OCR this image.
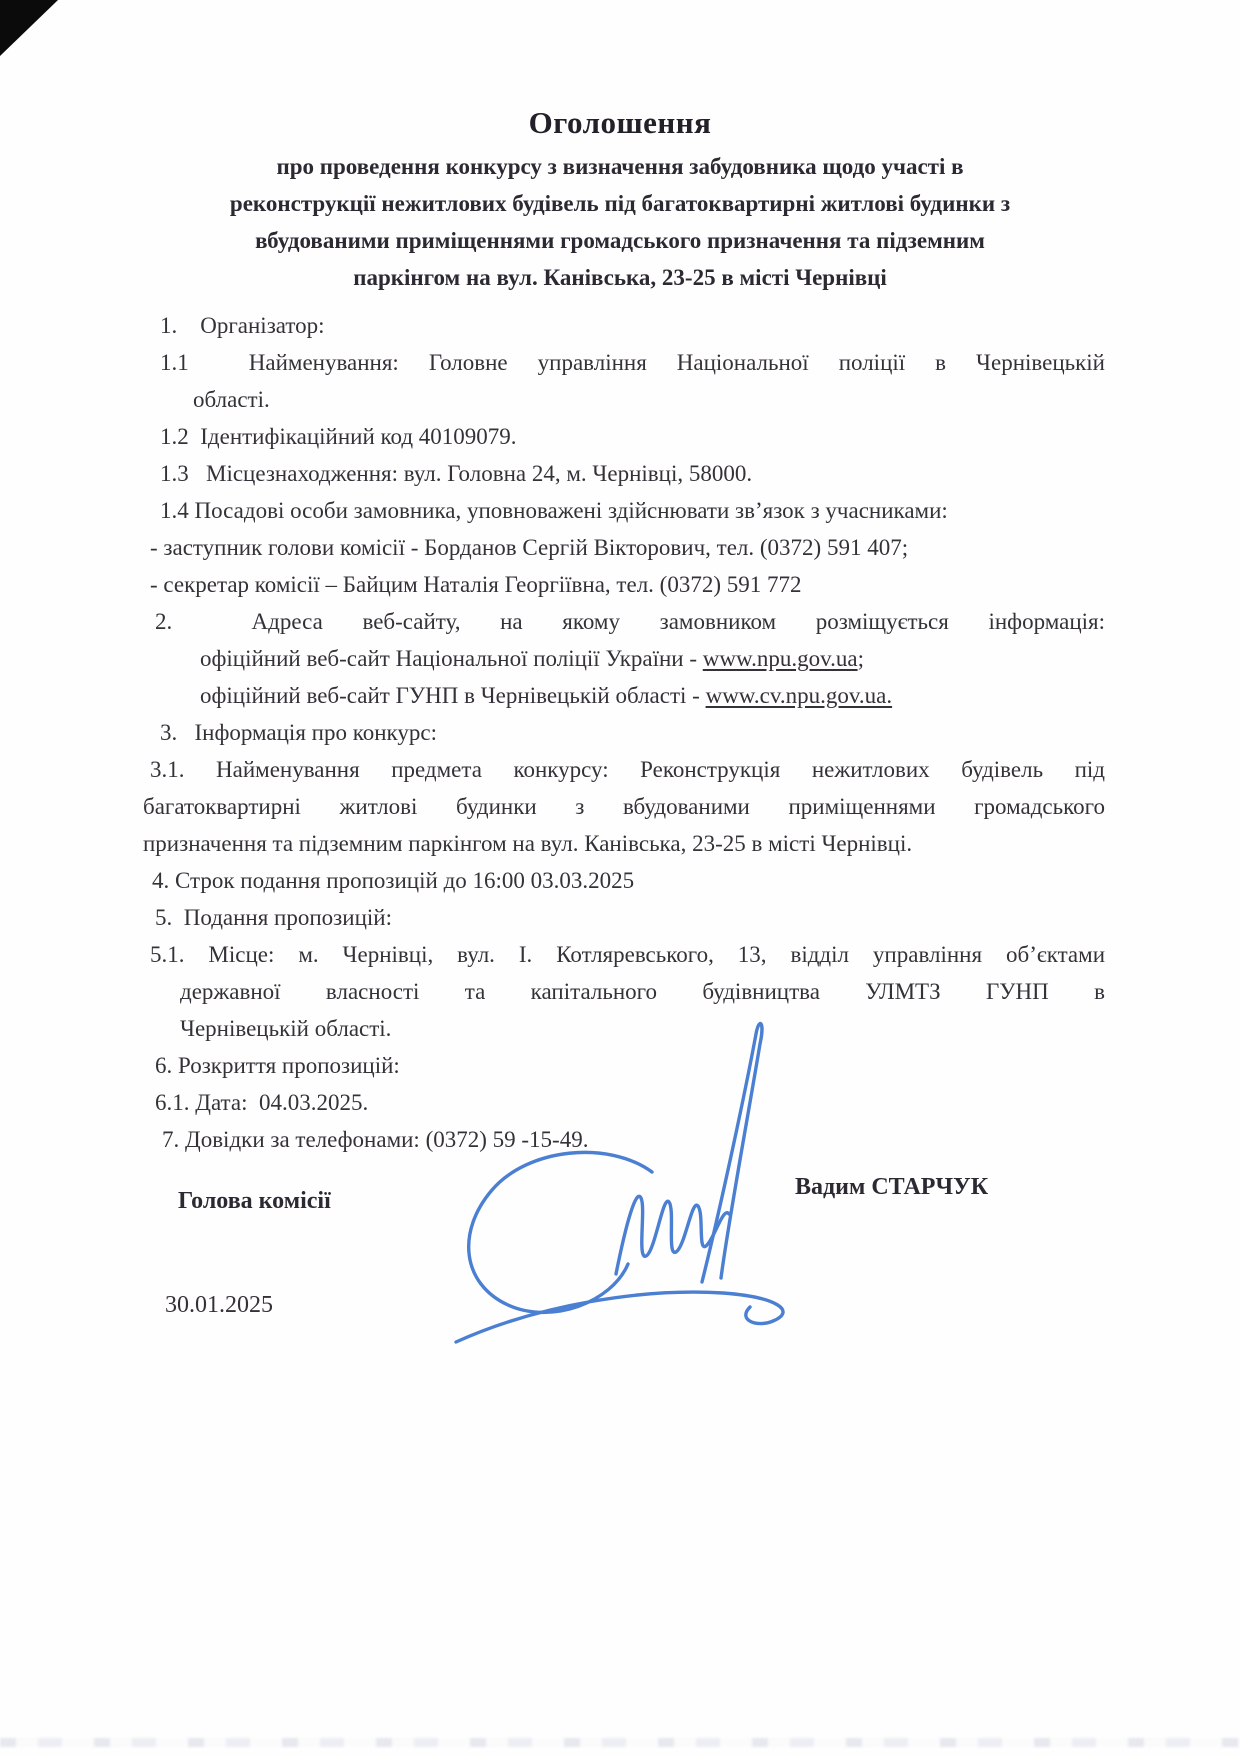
Оголошення
про проведення конкурсу з визначення забудовника щодо участі в
реконструкції нежитлових будівель під багатоквартирні житлові будинки з
вбудованими приміщеннями громадського призначення та підземним
паркінгом на вул. Канівська, 23-25 в місті Чернівці

1.    Організатор:

1.1  Найменування: Головне управління Національної поліції в Чернівецькій

області.

1.2  Ідентифікаційний код 40109079.

1.3   Місцезнаходження: вул. Головна 24, м. Чернівці, 58000.

1.4 Посадові особи замовника, уповноважені здійснювати зв’язок з учасниками:

- заступник голови комісії - Борданов Сергій Вікторович, тел. (0372) 591 407;

- секретар комісії – Байцим Наталія Георгіївна, тел. (0372) 591 772

2.  Адреса веб-сайту, на якому замовником розміщується інформація:

офіційний веб-сайт Національної поліції України - www.npu.gov.ua;

офіційний веб-сайт ГУНП в Чернівецькій області - www.cv.npu.gov.ua.

3.   Інформація про конкурс:

3.1. Найменування предмета конкурсу: Реконструкція нежитлових будівель під

багатоквартирні житлові будинки з вбудованими приміщеннями громадського

призначення та підземним паркінгом на вул. Канівська, 23-25 в місті Чернівці.

4. Строк подання пропозицій до 16:00 03.03.2025

5.  Подання пропозицій:

5.1. Місце: м. Чернівці, вул. І. Котляревського, 13, відділ управління об’єктами

державної власності та капітального будівництва УЛМТЗ ГУНП в

Чернівецькій області.

6. Розкриття пропозицій:

6.1. Дата:  04.03.2025.

7. Довідки за телефонами: (0372) 59 -15-49.

Голова комісії
Вадим СТАРЧУК
30.01.2025
